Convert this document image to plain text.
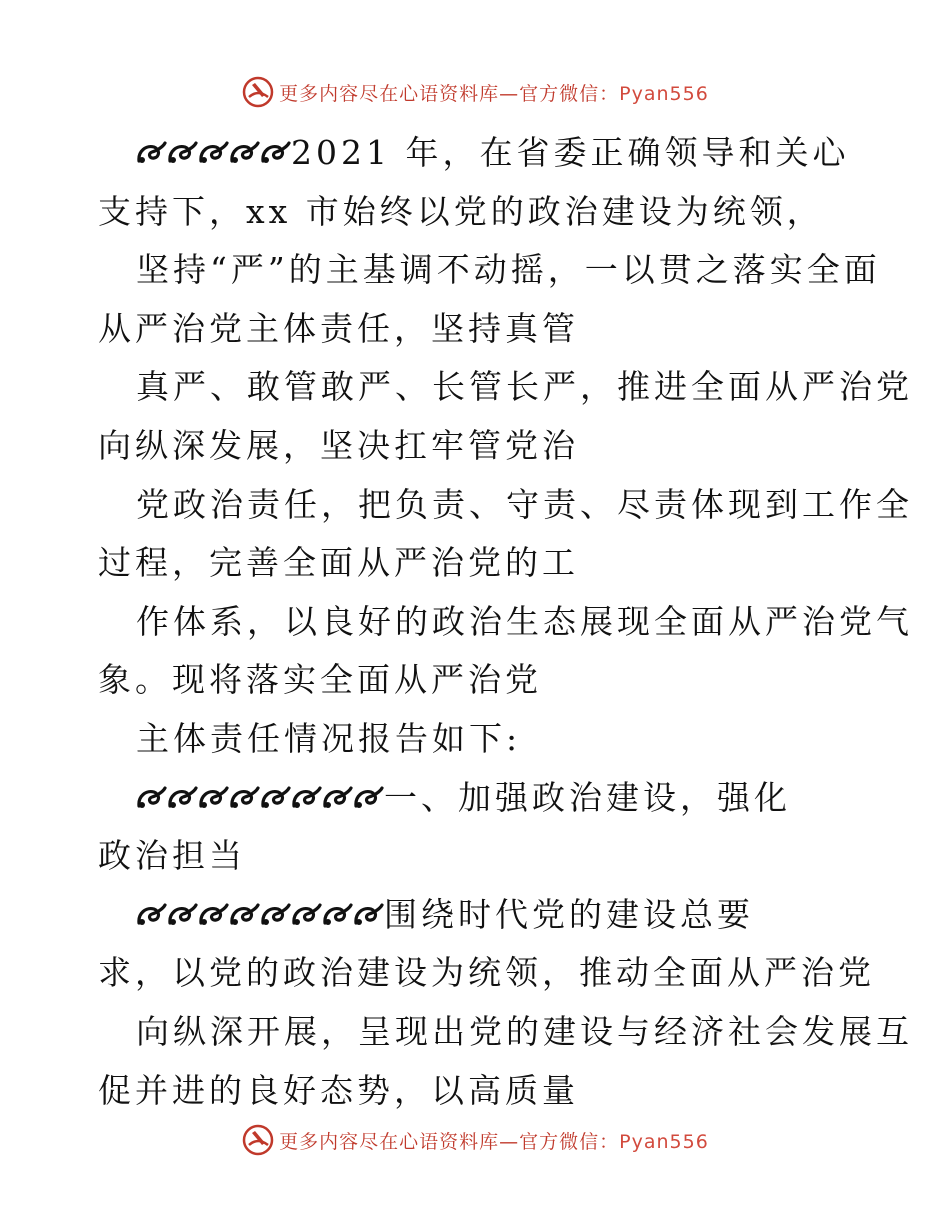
更多内容尽在心语资料库—官方微信：Pyan556
2021 年，在省委正确领导和关心
支持下，xx 市始终以党的政治建设为统领，
坚持“严”的主基调不动摇，一以贯之落实全面
从严治党主体责任，坚持真管
真严、敢管敢严、长管长严，推进全面从严治党
向纵深发展，坚决扛牢管党治
党政治责任，把负责、守责、尽责体现到工作全
过程，完善全面从严治党的工
作体系，以良好的政治生态展现全面从严治党气
象。现将落实全面从严治党
主体责任情况报告如下:
一、加强政治建设，强化
政治担当
围绕时代党的建设总要
求，以党的政治建设为统领，推动全面从严治党
向纵深开展，呈现出党的建设与经济社会发展互
促并进的良好态势，以高质量
更多内容尽在心语资料库—官方微信：Pyan556
